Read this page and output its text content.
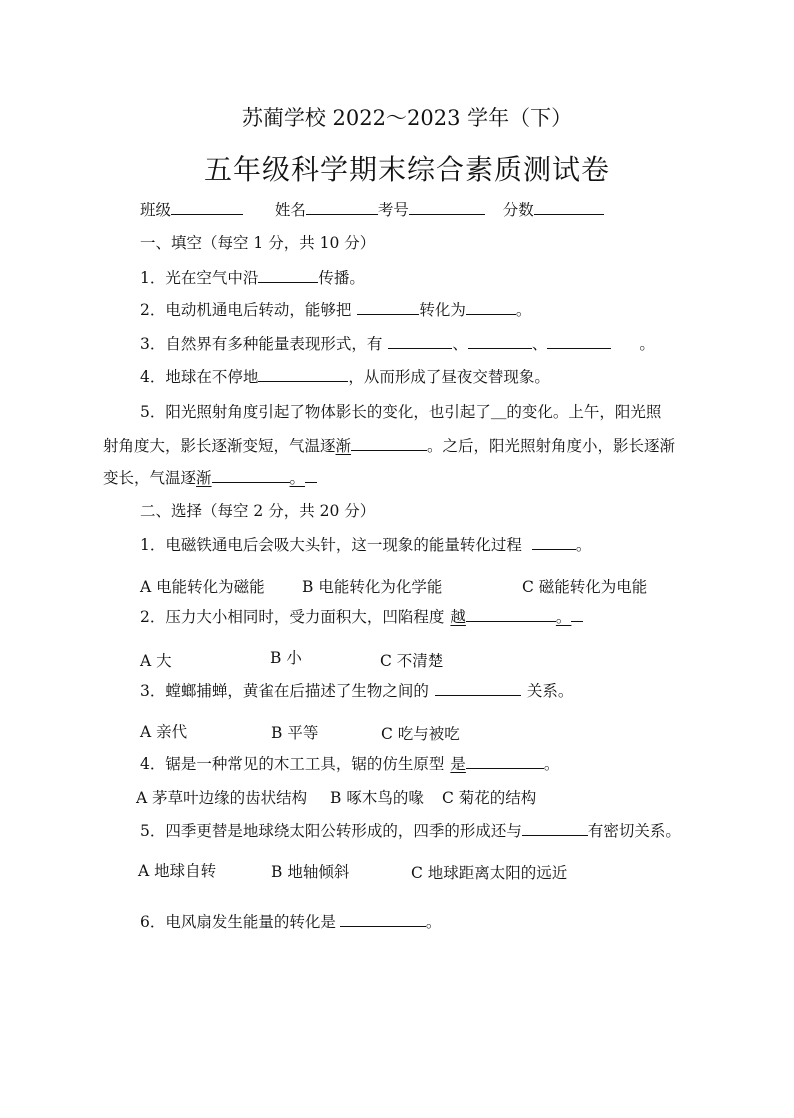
苏蔺学校 2022～2023 学年（下）
五年级科学期末综合素质测试卷
班级	姓名	考号	分数
一、填空（每空 1 分，共 10 分）
1．光在空气中沿	传播。
2．电动机通电后转动，能够把	转化为	。
3．自然界有多种能量表现形式，有	、	、	。
4．地球在不停地	，从而形成了昼夜交替现象。
5．阳光照射角度引起了物体影长的变化，也引起了＿的变化。上午，阳光照
射角度大，影长逐渐变短，气温逐渐	。之后，阳光照射角度小，影长逐渐
变长，气温逐渐	。
二、选择（每空 2 分，共 20 分）
1．电磁铁通电后会吸大头针，这一现象的能量转化过程	。
A 电能转化为磁能 B 电能转化为化学能	C 磁能转化为电能
2．压力大小相同时，受力面积大，凹陷程度 越	。
A 大	B 小	C 不清楚
3．螳螂捕蝉，黄雀在后描述了生物之间的	关系。
A 亲代	B 平等	C 吃与被吃
4．锯是一种常见的木工工具，锯的仿生原型 是	。
A 茅草叶边缘的齿状结构 B 啄木鸟的喙 C 菊花的结构
5．四季更替是地球绕太阳公转形成的，四季的形成还与	有密切关系。
A 地球自转	B 地轴倾斜	C 地球距离太阳的远近
6．电风扇发生能量的转化是	。
